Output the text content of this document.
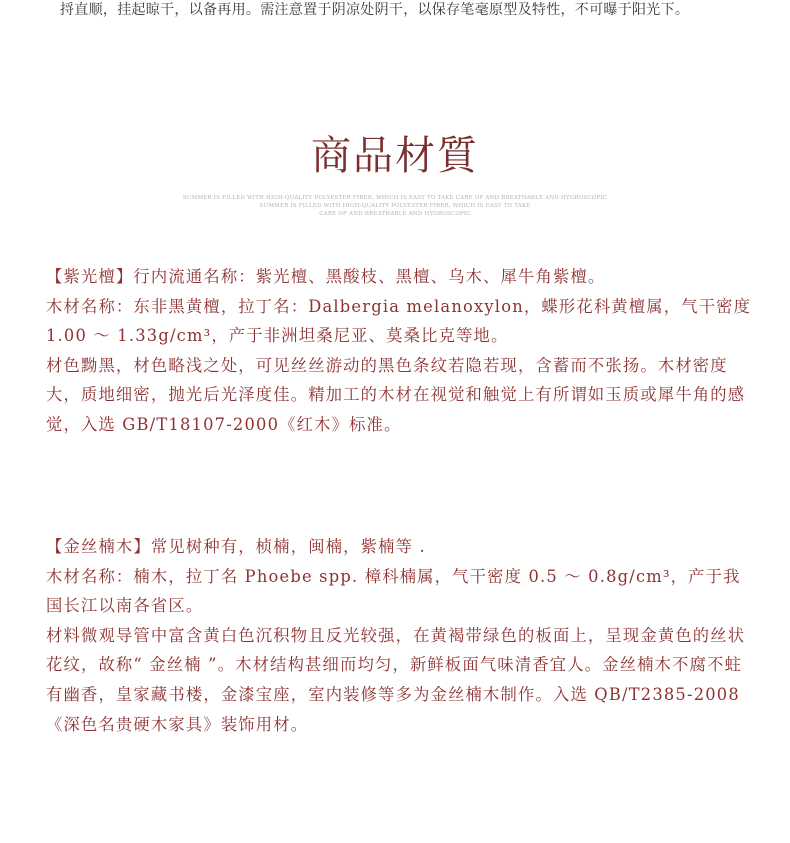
捋直顺，挂起晾干，以备再用。需注意置于阴凉处阴干，以保存笔毫原型及特性，不可曝于阳光下。
商品材質
SUMMER IS FILLED WITH HIGH-QUALITY POLYESTER FIBER, WHICH IS EASY TO TAKE CARE OF AND BREATHABLE AND HYGROSCOPIC
SUMMER IS FILLED WITH HIGH-QUALITY POLYESTER FIBER, WHICH IS EASY TO TAKE
CARE OF AND BREATHABLE AND HYGROSCOPIC

【紫光檀】行内流通名称：紫光檀、黑酸枝、黑檀、乌木、犀牛角紫檀。

木材名称：东非黑黄檀，拉丁名：Dalbergia melanoxylon，蝶形花科黄檀属，气干密度 1.00 ～ 1.33g/cm³，产于非洲坦桑尼亚、莫桑比克等地。

材色黝黑，材色略浅之处，可见丝丝游动的黑色条纹若隐若现，含蓄而不张扬。木材密度大，质地细密，抛光后光泽度佳。精加工的木材在视觉和触觉上有所谓如玉质或犀牛角的感觉，入选 GB/T18107-2000《红木》标准。

【金丝楠木】常见树种有，桢楠，闽楠，紫楠等 .

木材名称：楠木，拉丁名 Phoebe spp. 樟科楠属，气干密度 0.5 ～ 0.8g/cm³，产于我国长江以南各省区。

材料微观导管中富含黄白色沉积物且反光较强，在黄褐带绿色的板面上，呈现金黄色的丝状花纹，故称“ 金丝楠 ”。木材结构甚细而均匀，新鲜板面气味清香宜人。金丝楠木不腐不蛀有幽香，皇家藏书楼，金漆宝座，室内装修等多为金丝楠木制作。入选 QB/T2385-2008《深色名贵硬木家具》装饰用材。
